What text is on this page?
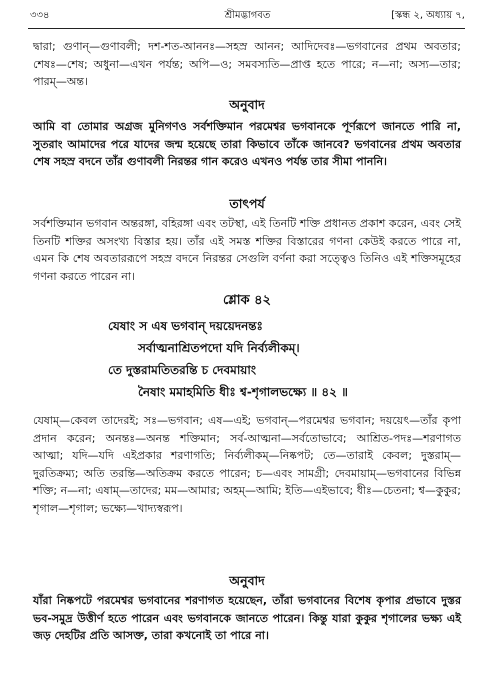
৩৩৪	শ্রীমদ্ভাগবত	[স্কন্ধ ২, অধ্যায় ৭,

দ্বারা; গুণান্—গুণাবলী; দশ-শত-আননঃ—সহস্র আনন; আদিদেবঃ—ভগবানের প্রথম অবতার; শেষঃ—শেষ; অধুনা—এখন পর্যন্ত; অপি—ও; সমবস্যতি—প্রাপ্ত হতে পারে; ন—না; অস্য—তার; পারম্—অন্ত।

অনুবাদ

আমি বা তোমার অগ্রজ মুনিগণও সর্বশক্তিমান পরমেশ্বর ভগবানকে পূর্ণরূপে জানতে পারি না, সুতরাং আমাদের পরে যাদের জন্ম হয়েছে তারা কিভাবে তাঁকে জানবে? ভগবানের প্রথম অবতার শেষ সহস্র বদনে তাঁর গুণাবলী নিরন্তর গান করেও এখনও পর্যন্ত তার সীমা পাননি।

তাৎপর্য

সর্বশক্তিমান ভগবান অন্তরঙ্গা, বহিরঙ্গা এবং তটস্থা, এই তিনটি শক্তি প্রধানত প্রকাশ করেন, এবং সেই তিনটি শক্তির অসংখ্য বিস্তার হয়। তাঁর এই সমস্ত শক্তির বিস্তারের গণনা কেউই করতে পারে না, এমন কি শেষ অবতাররূপে সহস্র বদনে নিরন্তর সেগুলি বর্ণনা করা সত্ত্বেও তিনিও এই শক্তিসমূহের গণনা করতে পারেন না।

শ্লোক ৪২
যেষাং স এষ ভগবান্ দয়য়েদনন্তঃ
সর্বাত্মনাশ্রিতপদো যদি নির্ব্যলীকম্।
তে দুস্তরামতিতরন্তি চ দেবমায়াং
নৈষাং মমাহমিতি ধীঃ শ্ব-শৃগালভক্ষ্যে ॥ ৪২ ॥

যেষাম্—কেবল তাদেরই; সঃ—ভগবান; এষ—এই; ভগবান্—পরমেশ্বর ভগবান; দয়য়েৎ—তাঁর কৃপা প্রদান করেন; অনন্তঃ—অনন্ত শক্তিমান; সর্ব-আত্মনা—সর্বতোভাবে; আশ্রিত-পদঃ—শরণাগত আত্মা; যদি—যদি এইপ্রকার শরণাগতি; নির্ব্যলীকম্—নিষ্কপট; তে—তারাই কেবল; দুস্তরাম্—দুরতিক্রম্য; অতি তরন্তি—অতিক্রম করতে পারেন; চ—এবং সামগ্রী; দেবমায়াম্—ভগবানের বিভিন্ন শক্তি; ন—না; এষাম্—তাদের; মম—আমার; অহম্—আমি; ইতি—এইভাবে; ধীঃ—চেতনা; শ্ব—কুকুর; শৃগাল—শৃগাল; ভক্ষ্যে—খাদ্যস্বরূপ।

অনুবাদ

যাঁরা নিষ্কপটে পরমেশ্বর ভগবানের শরণাগত হয়েছেন, তাঁরা ভগবানের বিশেষ কৃপার প্রভাবে দুস্তর ভব-সমুদ্র উত্তীর্ণ হতে পারেন এবং ভগবানকে জানতে পারেন। কিন্তু যারা কুকুর শৃগালের ভক্ষ্য এই জড় দেহটির প্রতি আসক্ত, তারা কখনোই তা পারে না।
